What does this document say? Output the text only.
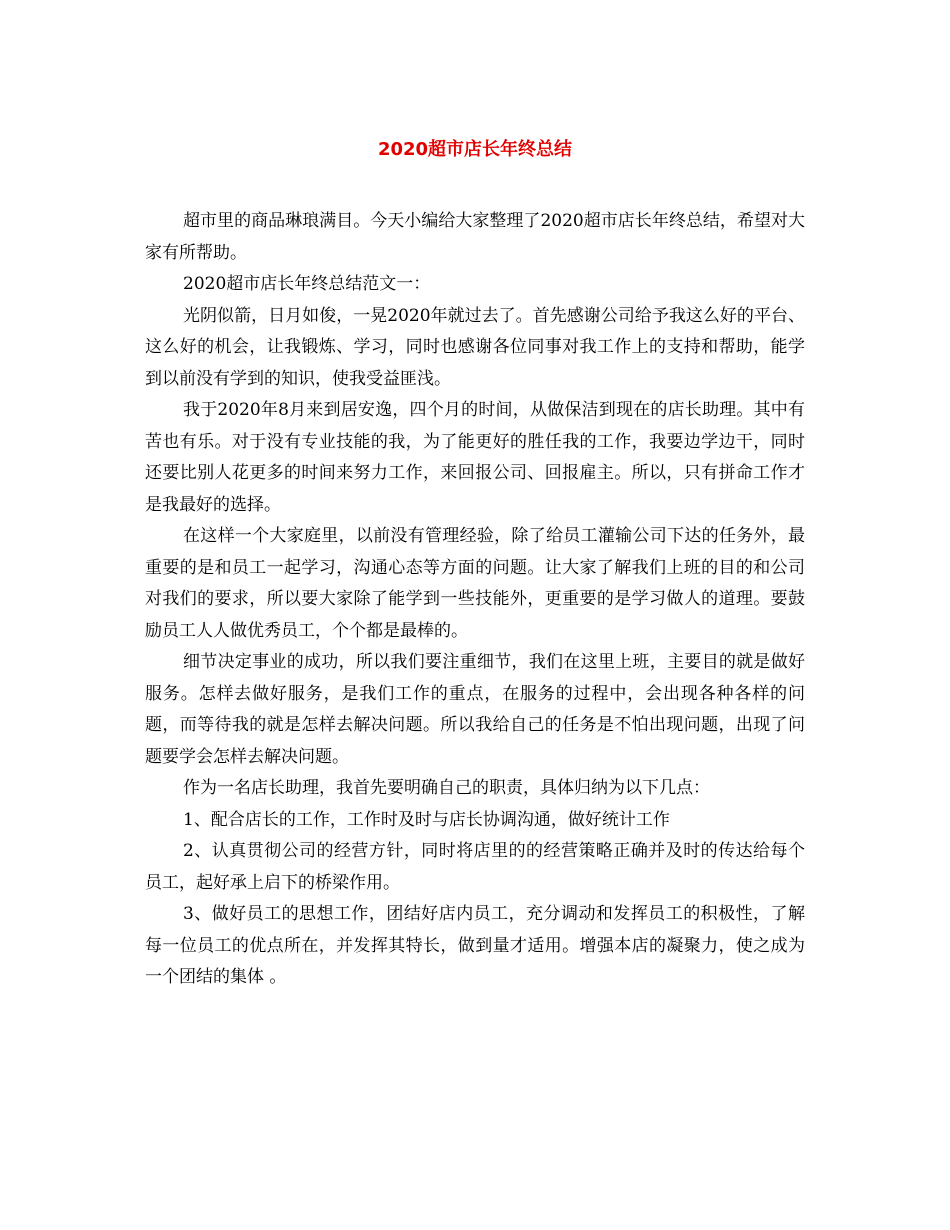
2020超市店长年终总结

超市里的商品琳琅满目。今天小编给大家整理了2020超市店长年终总结，希望对大家有所帮助。

2020超市店长年终总结范文一：

光阴似箭，日月如俊，一晃2020年就过去了。首先感谢公司给予我这么好的平台、这么好的机会，让我锻炼、学习，同时也感谢各位同事对我工作上的支持和帮助，能学到以前没有学到的知识，使我受益匪浅。

我于2020年8月来到居安逸，四个月的时间，从做保洁到现在的店长助理。其中有苦也有乐。对于没有专业技能的我，为了能更好的胜任我的工作，我要边学边干，同时还要比别人花更多的时间来努力工作，来回报公司、回报雇主。所以，只有拼命工作才是我最好的选择。

在这样一个大家庭里，以前没有管理经验，除了给员工灌输公司下达的任务外，最重要的是和员工一起学习，沟通心态等方面的问题。让大家了解我们上班的目的和公司对我们的要求，所以要大家除了能学到一些技能外，更重要的是学习做人的道理。要鼓励员工人人做优秀员工，个个都是最棒的。

细节决定事业的成功，所以我们要注重细节，我们在这里上班，主要目的就是做好服务。怎样去做好服务，是我们工作的重点，在服务的过程中，会出现各种各样的问题，而等待我的就是怎样去解决问题。所以我给自己的任务是不怕出现问题，出现了问题要学会怎样去解决问题。

作为一名店长助理，我首先要明确自己的职责，具体归纳为以下几点：

1、配合店长的工作，工作时及时与店长协调沟通，做好统计工作

2、认真贯彻公司的经营方针，同时将店里的的经营策略正确并及时的传达给每个员工，起好承上启下的桥梁作用。

3、做好员工的思想工作，团结好店内员工，充分调动和发挥员工的积极性，了解每一位员工的优点所在，并发挥其特长，做到量才适用。增强本店的凝聚力，使之成为一个团结的集体 。
